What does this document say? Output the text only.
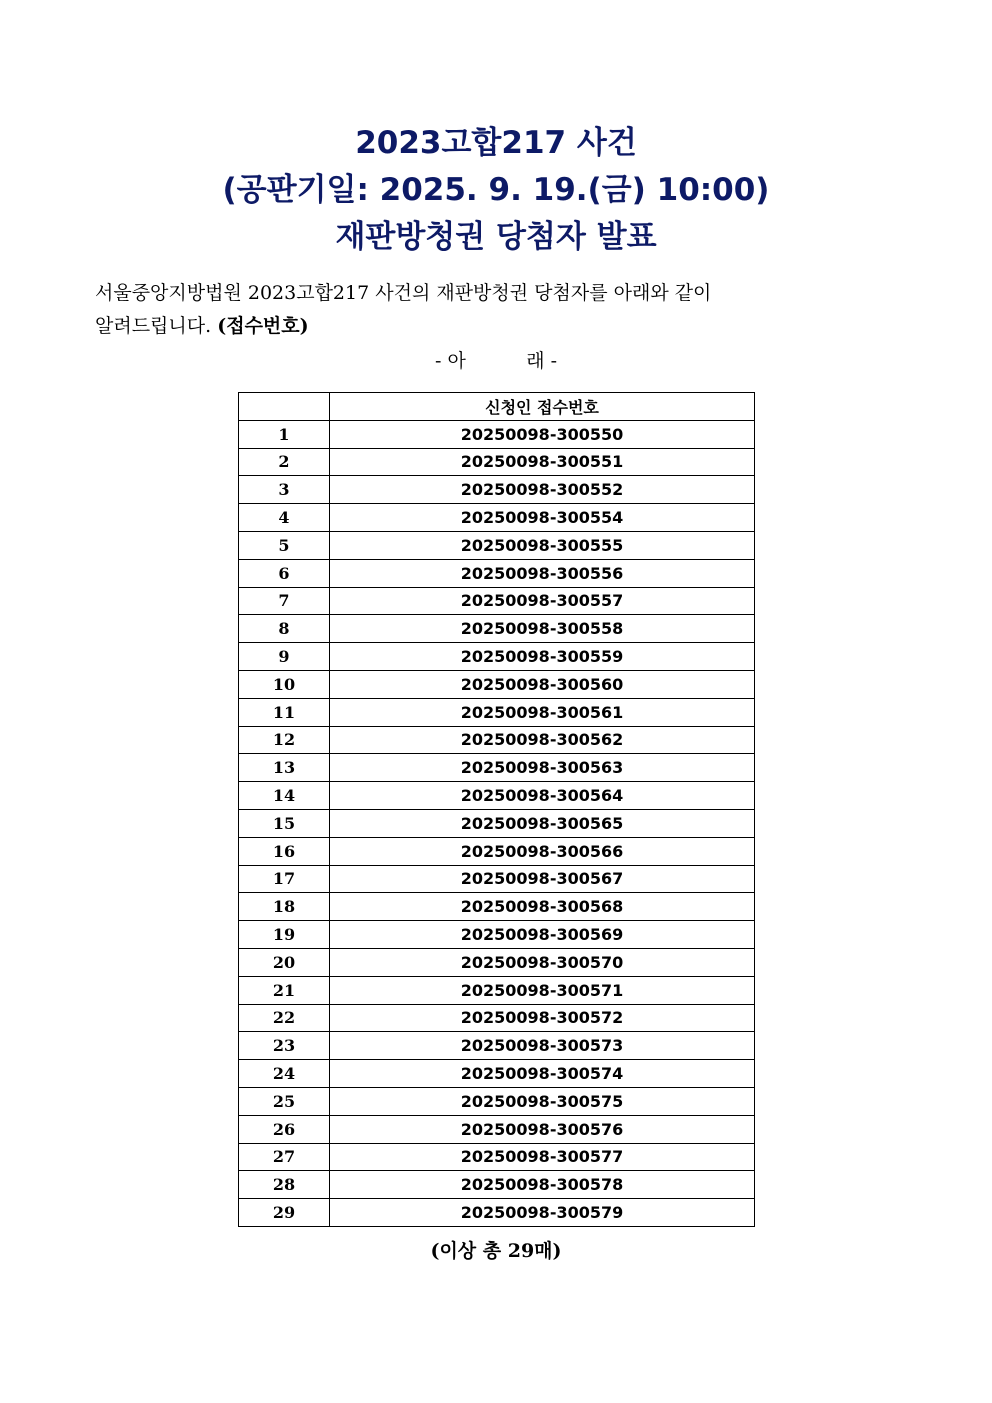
2023고합217 사건
(공판기일: 2025. 9. 19.(금) 10:00)
재판방청권 당첨자 발표

서울중앙지방법원 2023고합217 사건의 재판방청권 당첨자를 아래와 같이

알려드립니다. (접수번호)

- 아          래 -
	신청인 접수번호
1	20250098-300550
2	20250098-300551
3	20250098-300552
4	20250098-300554
5	20250098-300555
6	20250098-300556
7	20250098-300557
8	20250098-300558
9	20250098-300559
10	20250098-300560
11	20250098-300561
12	20250098-300562
13	20250098-300563
14	20250098-300564
15	20250098-300565
16	20250098-300566
17	20250098-300567
18	20250098-300568
19	20250098-300569
20	20250098-300570
21	20250098-300571
22	20250098-300572
23	20250098-300573
24	20250098-300574
25	20250098-300575
26	20250098-300576
27	20250098-300577
28	20250098-300578
29	20250098-300579
(이상 총 29매)
